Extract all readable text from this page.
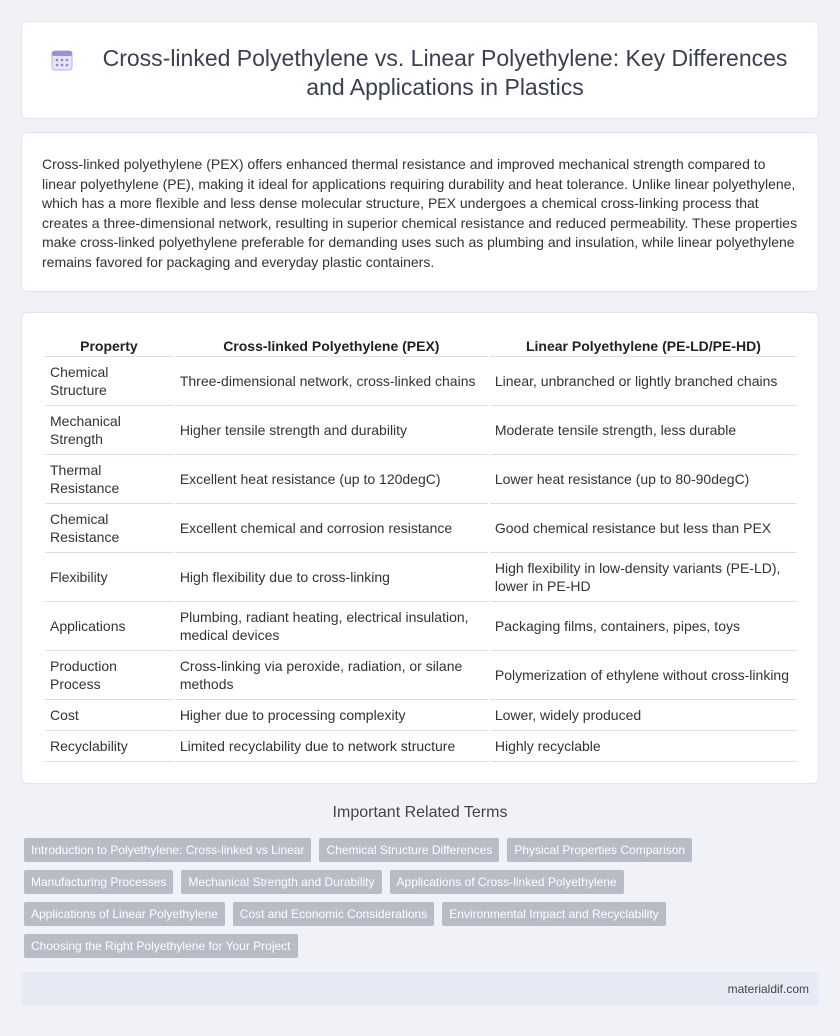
Cross-linked Polyethylene vs. Linear Polyethylene: Key Differences and Applications in Plastics

Cross-linked polyethylene (PEX) offers enhanced thermal resistance and improved mechanical strength compared to linear polyethylene (PE), making it ideal for applications requiring durability and heat tolerance. Unlike linear polyethylene, which has a more flexible and less dense molecular structure, PEX undergoes a chemical cross-linking process that creates a three-dimensional network, resulting in superior chemical resistance and reduced permeability. These properties make cross-linked polyethylene preferable for demanding uses such as plumbing and insulation, while linear polyethylene remains favored for packaging and everyday plastic containers.

Property	Cross-linked Polyethylene (PEX)	Linear Polyethylene (PE-LD/PE-HD)
Chemical Structure	Three-dimensional network, cross-linked chains	Linear, unbranched or lightly branched chains
Mechanical Strength	Higher tensile strength and durability	Moderate tensile strength, less durable
Thermal Resistance	Excellent heat resistance (up to 120degC)	Lower heat resistance (up to 80-90degC)
Chemical Resistance	Excellent chemical and corrosion resistance	Good chemical resistance but less than PEX
Flexibility	High flexibility due to cross-linking	High flexibility in low-density variants (PE-LD), lower in PE-HD
Applications	Plumbing, radiant heating, electrical insulation, medical devices	Packaging films, containers, pipes, toys
Production Process	Cross-linking via peroxide, radiation, or silane methods	Polymerization of ethylene without cross-linking
Cost	Higher due to processing complexity	Lower, widely produced
Recyclability	Limited recyclability due to network structure	Highly recyclable
Important Related Terms
Introduction to Polyethylene: Cross-linked vs Linear	Chemical Structure Differences	Physical Properties Comparison
Manufacturing Processes	Mechanical Strength and Durability	Applications of Cross-linked Polyethylene
Applications of Linear Polyethylene	Cost and Economic Considerations	Environmental Impact and Recyclability
Choosing the Right Polyethylene for Your Project
materialdif.com
